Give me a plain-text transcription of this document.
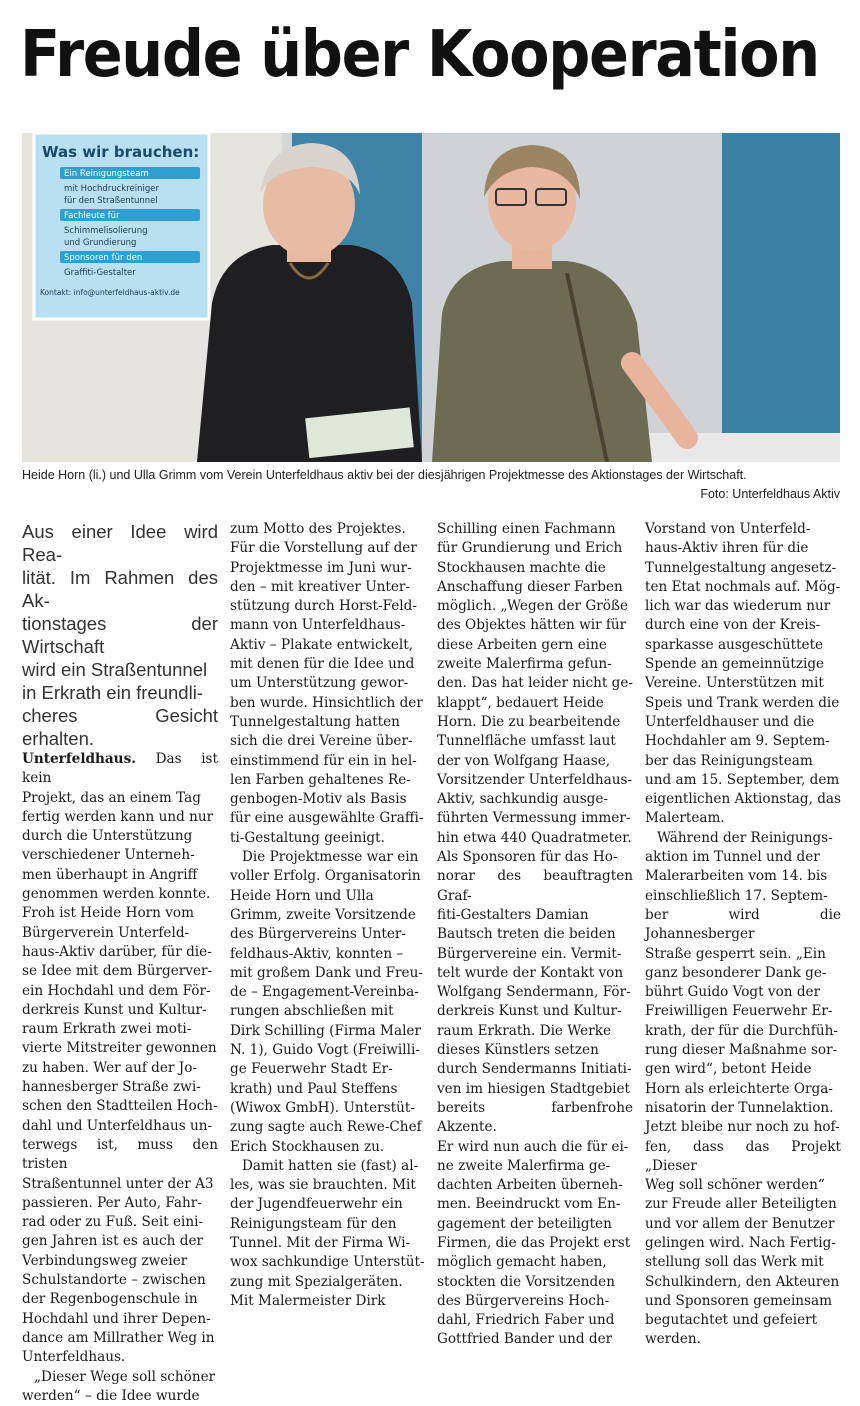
Freude über Kooperation
Was wir brauchen:
Ein Reinigungsteam
mit Hochdruckreiniger
für den Straßentunnel
Fachleute für
Schimmelisolierung
und Grundierung
Sponsoren für den
Graffiti-Gestalter
Kontakt: info@unterfeldhaus-aktiv.de
Heide Horn (li.) und Ulla Grimm vom Verein Unterfeldhaus aktiv bei der diesjährigen Projektmesse des Aktionstages der Wirtschaft.
Foto: Unterfeldhaus Aktiv

Aus einer Idee wird Rea-
lität. Im Rahmen des Ak-
tionstages der Wirtschaft
wird ein Straßentunnel
in Erkrath ein freundli-
cheres Gesicht erhalten.

Unterfeldhaus. Das ist kein
Projekt, das an einem Tag
fertig werden kann und nur
durch die Unterstützung
verschiedener Unterneh-
men überhaupt in Angriff
genommen werden konnte.
Froh ist Heide Horn vom
Bürgerverein Unterfeld-
haus-Aktiv darüber, für die-
se Idee mit dem Bürgerver-
ein Hochdahl und dem För-
derkreis Kunst und Kultur-
raum Erkrath zwei moti-
vierte Mitstreiter gewonnen
zu haben. Wer auf der Jo-
hannesberger Straße zwi-
schen den Stadtteilen Hoch-
dahl und Unterfeldhaus un-
terwegs ist, muss den tristen
Straßentunnel unter der A3
passieren. Per Auto, Fahr-
rad oder zu Fuß. Seit eini-
gen Jahren ist es auch der
Verbindungsweg zweier
Schulstandorte – zwischen
der Regenbogenschule in
Hochdahl und ihrer Depen-
dance am Millrather Weg in
Unterfeldhaus.

„Dieser Wege soll schöner
werden“ – die Idee wurde

zum Motto des Projektes.
Für die Vorstellung auf der
Projektmesse im Juni wur-
den – mit kreativer Unter-
stützung durch Horst-Feld-
mann von Unterfeldhaus-
Aktiv – Plakate entwickelt,
mit denen für die Idee und
um Unterstützung gewor-
ben wurde. Hinsichtlich der
Tunnelgestaltung hatten
sich die drei Vereine über-
einstimmend für ein in hel-
len Farben gehaltenes Re-
genbogen-Motiv als Basis
für eine ausgewählte Graffi-
ti-Gestaltung geeinigt.

Die Projektmesse war ein
voller Erfolg. Organisatorin
Heide Horn und Ulla
Grimm, zweite Vorsitzende
des Bürgervereins Unter-
feldhaus-Aktiv, konnten –
mit großem Dank und Freu-
de – Engagement-Vereinba-
rungen abschließen mit
Dirk Schilling (Firma Maler
N. 1), Guido Vogt (Freiwilli-
ge Feuerwehr Stadt Er-
krath) und Paul Steffens
(Wiwox GmbH). Unterstüt-
zung sagte auch Rewe-Chef
Erich Stockhausen zu.

Damit hatten sie (fast) al-
les, was sie brauchten. Mit
der Jugendfeuerwehr ein
Reinigungsteam für den
Tunnel. Mit der Firma Wi-
wox sachkundige Unterstüt-
zung mit Spezialgeräten.
Mit Malermeister Dirk

Schilling einen Fachmann
für Grundierung und Erich
Stockhausen machte die
Anschaffung dieser Farben
möglich. „Wegen der Größe
des Objektes hätten wir für
diese Arbeiten gern eine
zweite Malerfirma gefun-
den. Das hat leider nicht ge-
klappt“, bedauert Heide
Horn. Die zu bearbeitende
Tunnelfläche umfasst laut
der von Wolfgang Haase,
Vorsitzender Unterfeldhaus-
Aktiv, sachkundig ausge-
führten Vermessung immer-
hin etwa 440 Quadratmeter.
Als Sponsoren für das Ho-
norar des beauftragten Graf-
fiti-Gestalters Damian
Bautsch treten die beiden
Bürgervereine ein. Vermit-
telt wurde der Kontakt von
Wolfgang Sendermann, För-
derkreis Kunst und Kultur-
raum Erkrath. Die Werke
dieses Künstlers setzen
durch Sendermanns Initiati-
ven im hiesigen Stadtgebiet
bereits farbenfrohe Akzente.
Er wird nun auch die für ei-
ne zweite Malerfirma ge-
dachten Arbeiten überneh-
men. Beeindruckt vom En-
gagement der beteiligten
Firmen, die das Projekt erst
möglich gemacht haben,
stockten die Vorsitzenden
des Bürgervereins Hoch-
dahl, Friedrich Faber und
Gottfried Bander und der

Vorstand von Unterfeld-
haus-Aktiv ihren für die
Tunnelgestaltung angesetz-
ten Etat nochmals auf. Mög-
lich war das wiederum nur
durch eine von der Kreis-
sparkasse ausgeschüttete
Spende an gemeinnützige
Vereine. Unterstützen mit
Speis und Trank werden die
Unterfeldhauser und die
Hochdahler am 9. Septem-
ber das Reinigungsteam
und am 15. September, dem
eigentlichen Aktionstag, das
Malerteam.

Während der Reinigungs-
aktion im Tunnel und der
Malerarbeiten vom 14. bis
einschließlich 17. Septem-
ber wird die Johannesberger
Straße gesperrt sein. „Ein
ganz besonderer Dank ge-
bührt Guido Vogt von der
Freiwilligen Feuerwehr Er-
krath, der für die Durchfüh-
rung dieser Maßnahme sor-
gen wird“, betont Heide
Horn als erleichterte Orga-
nisatorin der Tunnelaktion.
Jetzt bleibe nur noch zu hof-
fen, dass das Projekt „Dieser
Weg soll schöner werden“
zur Freude aller Beteiligten
und vor allem der Benutzer
gelingen wird. Nach Fertig-
stellung soll das Werk mit
Schulkindern, den Akteuren
und Sponsoren gemeinsam
begutachtet und gefeiert
werden.
